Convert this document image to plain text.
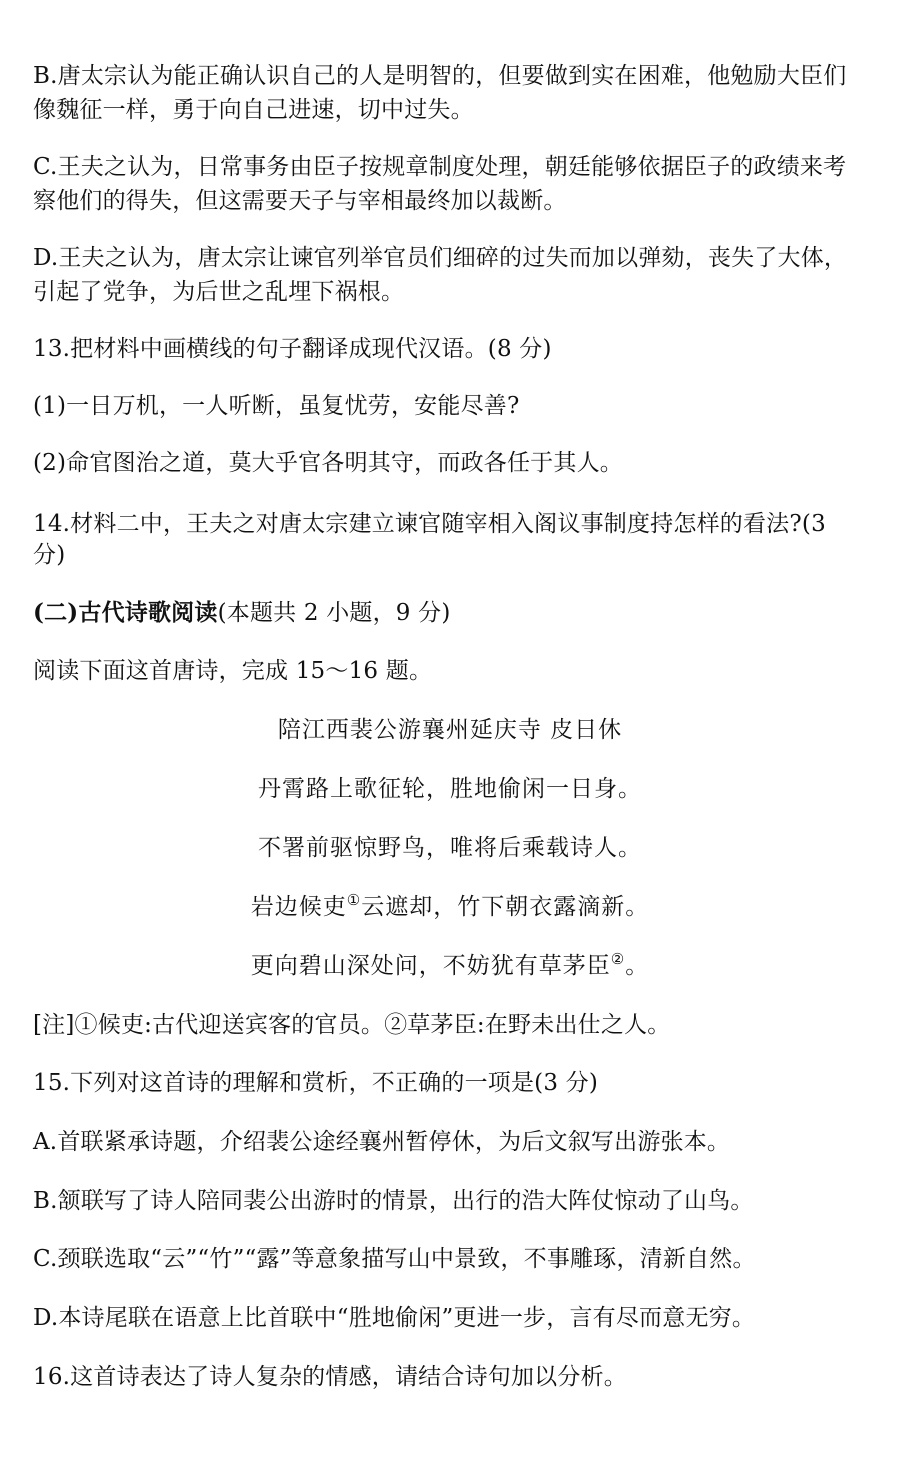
B.唐太宗认为能正确认识自己的人是明智的，但要做到实在困难，他勉励大臣们
像魏征一样，勇于向自己进速，切中过失。
C.王夫之认为，日常事务由臣子按规章制度处理，朝廷能够依据臣子的政绩来考
察他们的得失，但这需要天子与宰相最终加以裁断。
D.王夫之认为，唐太宗让谏官列举官员们细碎的过失而加以弹劾，丧失了大体，
引起了党争，为后世之乱埋下祸根。
13.把材料中画横线的句子翻译成现代汉语。(8 分)
(1)一日万机，一人听断，虽复忧劳，安能尽善?
(2)命官图治之道，莫大乎官各明其守，而政各任于其人。
14.材料二中，王夫之对唐太宗建立谏官随宰相入阁议事制度持怎样的看法?(3
分)
(二)古代诗歌阅读(本题共 2 小题，9 分)
阅读下面这首唐诗，完成 15～16 题。
陪江西裴公游襄州延庆寺 皮日休
丹霄路上歌征轮，胜地偷闲一日身。
不署前驱惊野鸟，唯将后乘载诗人。
岩边候吏①云遮却，竹下朝衣露滴新。
更向碧山深处问，不妨犹有草茅臣②。
[注]①候吏:古代迎送宾客的官员。②草茅臣:在野未出仕之人。
15.下列对这首诗的理解和赏析，不正确的一项是(3 分)
A.首联紧承诗题，介绍裴公途经襄州暂停休，为后文叙写出游张本。
B.颔联写了诗人陪同裴公出游时的情景，出行的浩大阵仗惊动了山鸟。
C.颈联选取“云”“竹”“露”等意象描写山中景致，不事雕琢，清新自然。
D.本诗尾联在语意上比首联中“胜地偷闲”更进一步，言有尽而意无穷。
16.这首诗表达了诗人复杂的情感，请结合诗句加以分析。
